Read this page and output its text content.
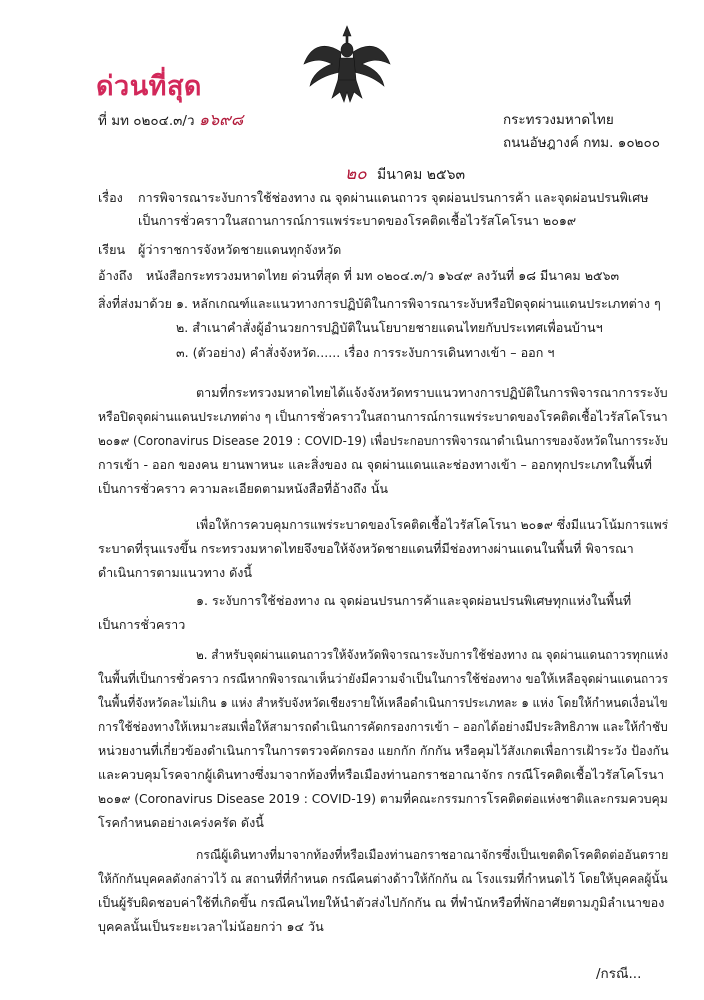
ด่วนที่สุด
ที่ มท ๐๒๐๔.๓/ว ๑๖๙๘	กระทรวงมหาดไทย
ถนนอัษฎางค์ กทม. ๑๐๒๐๐
๒๐ มีนาคม ๒๕๖๓
เรื่อง การพิจารณาระงับการใช้ช่องทาง ณ จุดผ่านแดนถาวร จุดผ่อนปรนการค้า และจุดผ่อนปรนพิเศษ
เป็นการชั่วคราวในสถานการณ์การแพร่ระบาดของโรคติดเชื้อไวรัสโคโรนา ๒๐๑๙
เรียน ผู้ว่าราชการจังหวัดชายแดนทุกจังหวัด
อ้างถึง หนังสือกระทรวงมหาดไทย ด่วนที่สุด ที่ มท ๐๒๐๔.๓/ว ๑๖๔๙ ลงวันที่ ๑๘ มีนาคม ๒๕๖๓
สิ่งที่ส่งมาด้วย ๑. หลักเกณฑ์และแนวทางการปฏิบัติในการพิจารณาระงับหรือปิดจุดผ่านแดนประเภทต่าง ๆ
๒. สำเนาคำสั่งผู้อำนวยการปฏิบัติในนโยบายชายแดนไทยกับประเทศเพื่อนบ้านฯ
๓. (ตัวอย่าง) คำสั่งจังหวัด...... เรื่อง การระงับการเดินทางเข้า – ออก ฯ
ตามที่กระทรวงมหาดไทยได้แจ้งจังหวัดทราบแนวทางการปฏิบัติในการพิจารณาการระงับ
หรือปิดจุดผ่านแดนประเภทต่าง ๆ เป็นการชั่วคราวในสถานการณ์การแพร่ระบาดของโรคติดเชื้อไวรัสโคโรนา
๒๐๑๙ (Coronavirus Disease 2019 : COVID-19) เพื่อประกอบการพิจารณาดำเนินการของจังหวัดในการระงับ
การเข้า - ออก ของคน ยานพาหนะ และสิ่งของ ณ จุดผ่านแดนและช่องทางเข้า – ออกทุกประเภทในพื้นที่
เป็นการชั่วคราว ความละเอียดตามหนังสือที่อ้างถึง นั้น
เพื่อให้การควบคุมการแพร่ระบาดของโรคติดเชื้อไวรัสโคโรนา ๒๐๑๙ ซึ่งมีแนวโน้มการแพร่
ระบาดที่รุนแรงขึ้น กระทรวงมหาดไทยจึงขอให้จังหวัดชายแดนที่มีช่องทางผ่านแดนในพื้นที่ พิจารณา
ดำเนินการตามแนวทาง ดังนี้
๑. ระงับการใช้ช่องทาง ณ จุดผ่อนปรนการค้าและจุดผ่อนปรนพิเศษทุกแห่งในพื้นที่
เป็นการชั่วคราว
๒. สำหรับจุดผ่านแดนถาวรให้จังหวัดพิจารณาระงับการใช้ช่องทาง ณ จุดผ่านแดนถาวรทุกแห่ง
ในพื้นที่เป็นการชั่วคราว กรณีหากพิจารณาเห็นว่ายังมีความจำเป็นในการใช้ช่องทาง ขอให้เหลือจุดผ่านแดนถาวร
ในพื้นที่จังหวัดละไม่เกิน ๑ แห่ง สำหรับจังหวัดเชียงรายให้เหลือดำเนินการประเภทละ ๑ แห่ง โดยให้กำหนดเงื่อนไข
การใช้ช่องทางให้เหมาะสมเพื่อให้สามารถดำเนินการคัดกรองการเข้า – ออกได้อย่างมีประสิทธิภาพ และให้กำชับ
หน่วยงานที่เกี่ยวข้องดำเนินการในการตรวจคัดกรอง แยกกัก กักกัน หรือคุมไว้สังเกตเพื่อการเฝ้าระวัง ป้องกัน
และควบคุมโรคจากผู้เดินทางซึ่งมาจากท้องที่หรือเมืองท่านอกราชอาณาจักร กรณีโรคติดเชื้อไวรัสโคโรนา
๒๐๑๙ (Coronavirus Disease 2019 : COVID-19) ตามที่คณะกรรมการโรคติดต่อแห่งชาติและกรมควบคุม
โรคกำหนดอย่างเคร่งครัด ดังนี้
กรณีผู้เดินทางที่มาจากท้องที่หรือเมืองท่านอกราชอาณาจักรซึ่งเป็นเขตติดโรคติดต่ออันตราย
ให้กักกันบุคคลดังกล่าวไว้ ณ สถานที่ที่กำหนด กรณีคนต่างด้าวให้กักกัน ณ โรงแรมที่กำหนดไว้ โดยให้บุคคลผู้นั้น
เป็นผู้รับผิดชอบค่าใช้ที่เกิดขึ้น กรณีคนไทยให้นำตัวส่งไปกักกัน ณ ที่พำนักหรือที่พักอาศัยตามภูมิลำเนาของ
บุคคลนั้นเป็นระยะเวลาไม่น้อยกว่า ๑๔ วัน
/กรณี...
